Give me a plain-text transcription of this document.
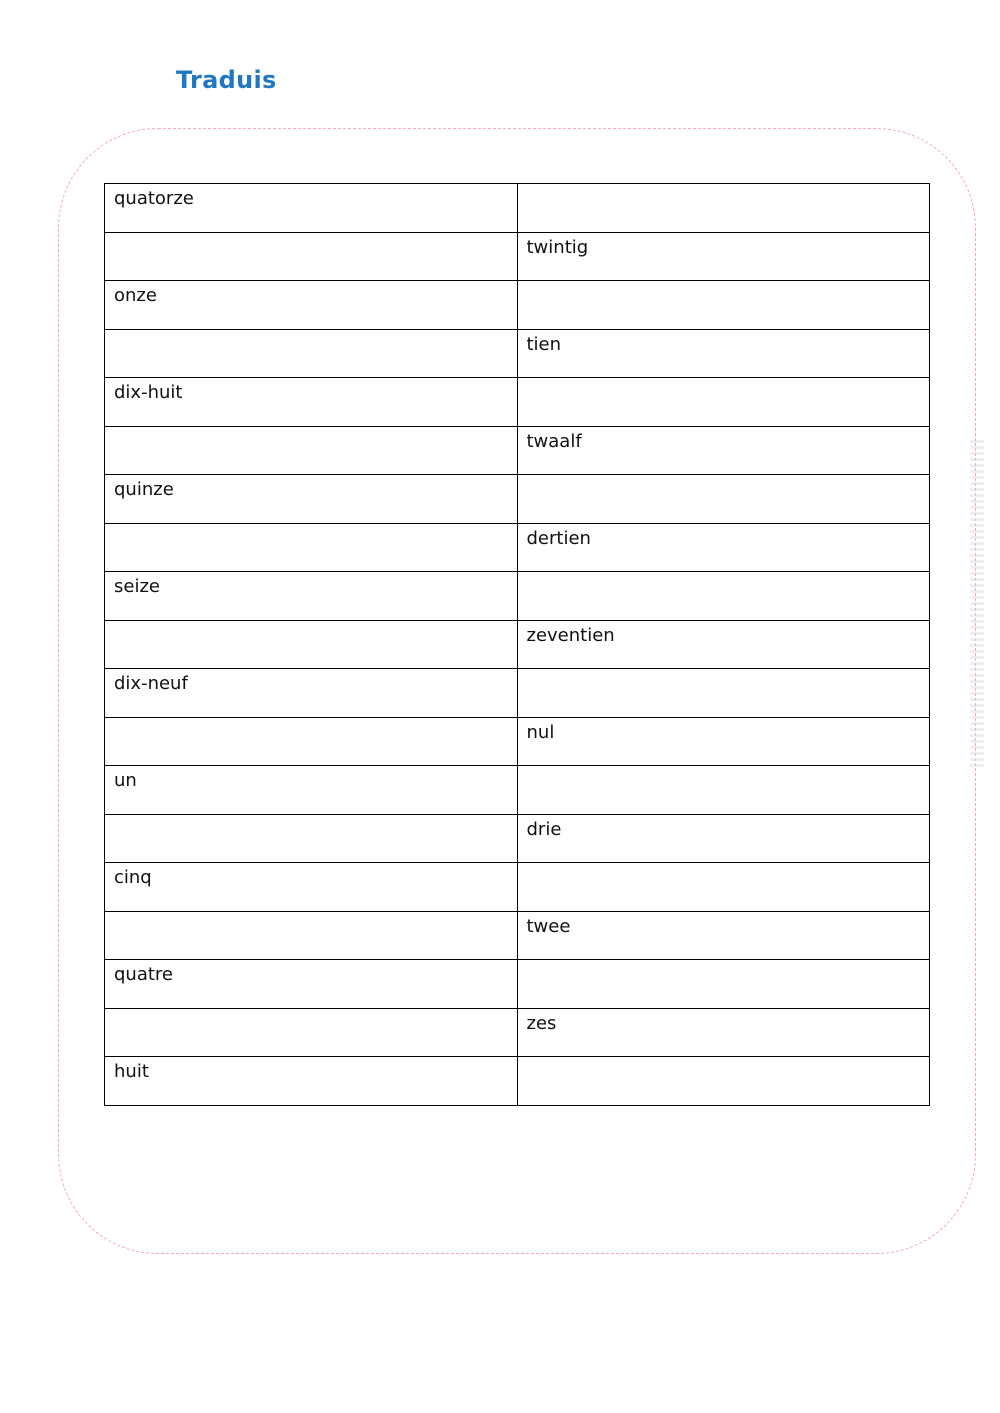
Traduis
quatorze	
	twintig
onze	
	tien
dix-huit	
	twaalf
quinze	
	dertien
seize	
	zeventien
dix-neuf	
	nul
un	
	drie
cinq	
	twee
quatre	
	zes
huit	
